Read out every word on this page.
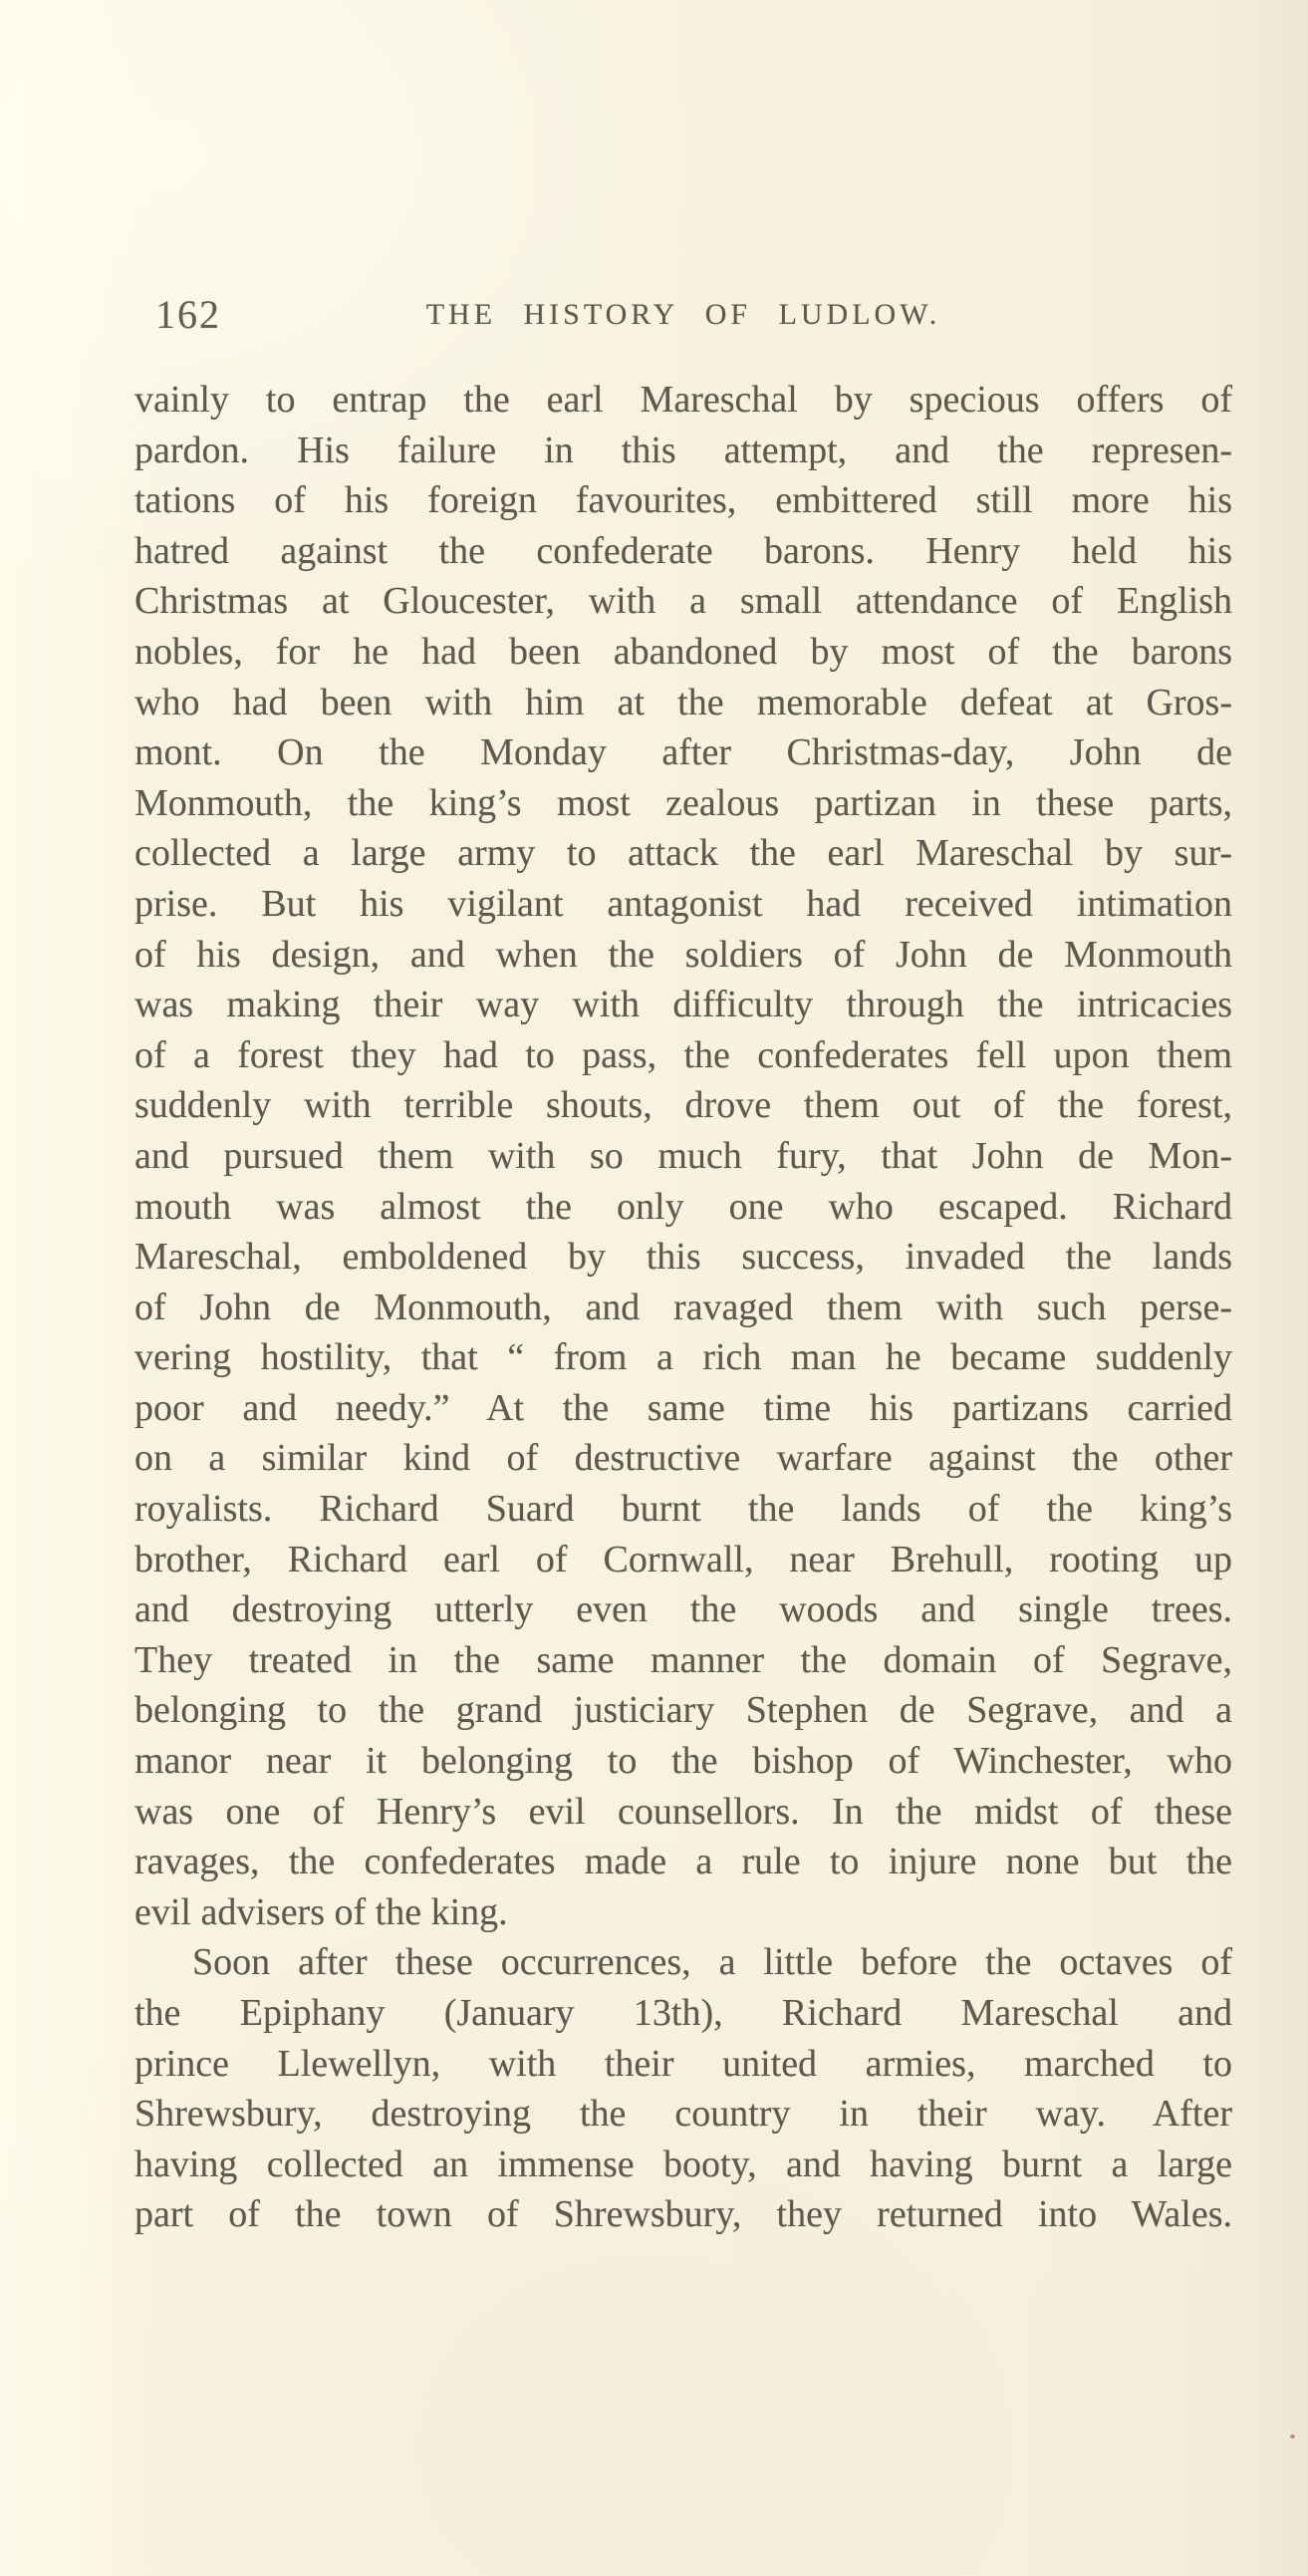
162	THE HISTORY OF LUDLOW.
vainly to entrap the earl Mareschal by specious offers of
pardon. His failure in this attempt, and the represen-
tations of his foreign favourites, embittered still more his
hatred against the confederate barons. Henry held his
Christmas at Gloucester, with a small attendance of English
nobles, for he had been abandoned by most of the barons
who had been with him at the memorable defeat at Gros-
mont. On the Monday after Christmas-day, John de
Monmouth, the king’s most zealous partizan in these parts,
collected a large army to attack the earl Mareschal by sur-
prise. But his vigilant antagonist had received intimation
of his design, and when the soldiers of John de Monmouth
was making their way with difficulty through the intricacies
of a forest they had to pass, the confederates fell upon them
suddenly with terrible shouts, drove them out of the forest,
and pursued them with so much fury, that John de Mon-
mouth was almost the only one who escaped. Richard
Mareschal, emboldened by this success, invaded the lands
of John de Monmouth, and ravaged them with such perse-
vering hostility, that “ from a rich man he became suddenly
poor and needy.” At the same time his partizans carried
on a similar kind of destructive warfare against the other
royalists. Richard Suard burnt the lands of the king’s
brother, Richard earl of Cornwall, near Brehull, rooting up
and destroying utterly even the woods and single trees.
They treated in the same manner the domain of Segrave,
belonging to the grand justiciary Stephen de Segrave, and a
manor near it belonging to the bishop of Winchester, who
was one of Henry’s evil counsellors. In the midst of these
ravages, the confederates made a rule to injure none but the
evil advisers of the king.
Soon after these occurrences, a little before the octaves of
the Epiphany (January 13th), Richard Mareschal and
prince Llewellyn, with their united armies, marched to
Shrewsbury, destroying the country in their way. After
having collected an immense booty, and having burnt a large
part of the town of Shrewsbury, they returned into Wales.
